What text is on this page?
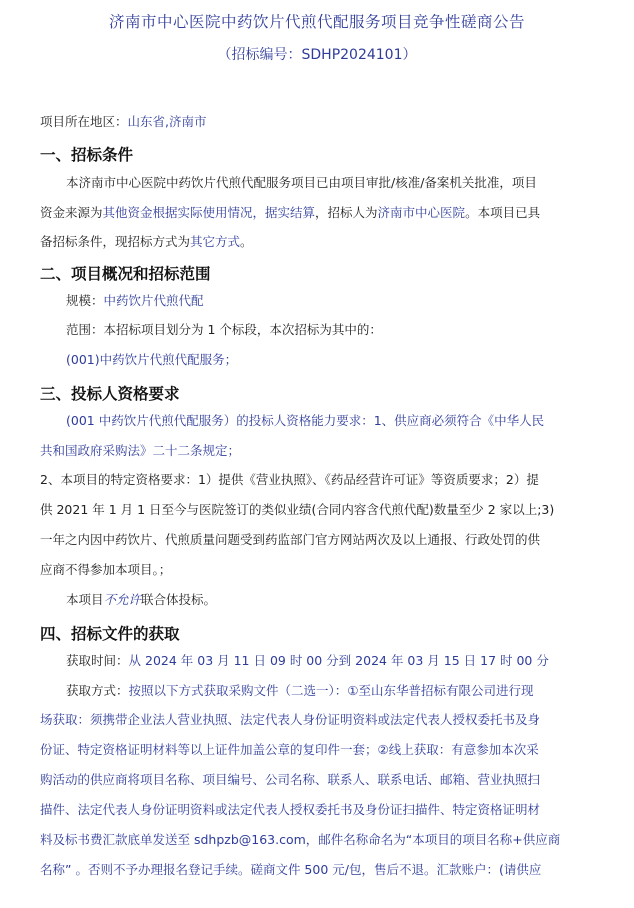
济南市中心医院中药饮片代煎代配服务项目竞争性磋商公告
（招标编号：SDHP2024101）
项目所在地区：山东省,济南市
一、招标条件
本济南市中心医院中药饮片代煎代配服务项目已由项目审批/核准/备案机关批准，项目
资金来源为其他资金根据实际使用情况，据实结算，招标人为济南市中心医院。本项目已具
备招标条件，现招标方式为其它方式。
二、项目概况和招标范围
规模：中药饮片代煎代配
范围：本招标项目划分为 1 个标段，本次招标为其中的：
(001)中药饮片代煎代配服务；
三、投标人资格要求
(001 中药饮片代煎代配服务）的投标人资格能力要求：1、供应商必须符合《中华人民
共和国政府采购法》二十二条规定；
2、本项目的特定资格要求：1）提供《营业执照》、《药品经营许可证》等资质要求；2）提
供 2021 年 1 月 1 日至今与医院签订的类似业绩(合同内容含代煎代配)数量至少 2 家以上;3)
一年之内因中药饮片、代煎质量问题受到药监部门官方网站两次及以上通报、行政处罚的供
应商不得参加本项目。；
本项目不允许联合体投标。
四、招标文件的获取
获取时间：从 2024 年 03 月 11 日 09 时 00 分到 2024 年 03 月 15 日 17 时 00 分
获取方式：按照以下方式获取采购文件（二选一）：①至山东华普招标有限公司进行现
场获取：须携带企业法人营业执照、法定代表人身份证明资料或法定代表人授权委托书及身
份证、特定资格证明材料等以上证件加盖公章的复印件一套；②线上获取：有意参加本次采
购活动的供应商将项目名称、项目编号、公司名称、联系人、联系电话、邮箱、营业执照扫
描件、法定代表人身份证明资料或法定代表人授权委托书及身份证扫描件、特定资格证明材
料及标书费汇款底单发送至 sdhpzb@163.com，邮件名称命名为“本项目的项目名称+供应商
名称” 。否则不予办理报名登记手续。磋商文件 500 元/包，售后不退。汇款账户：(请供应
